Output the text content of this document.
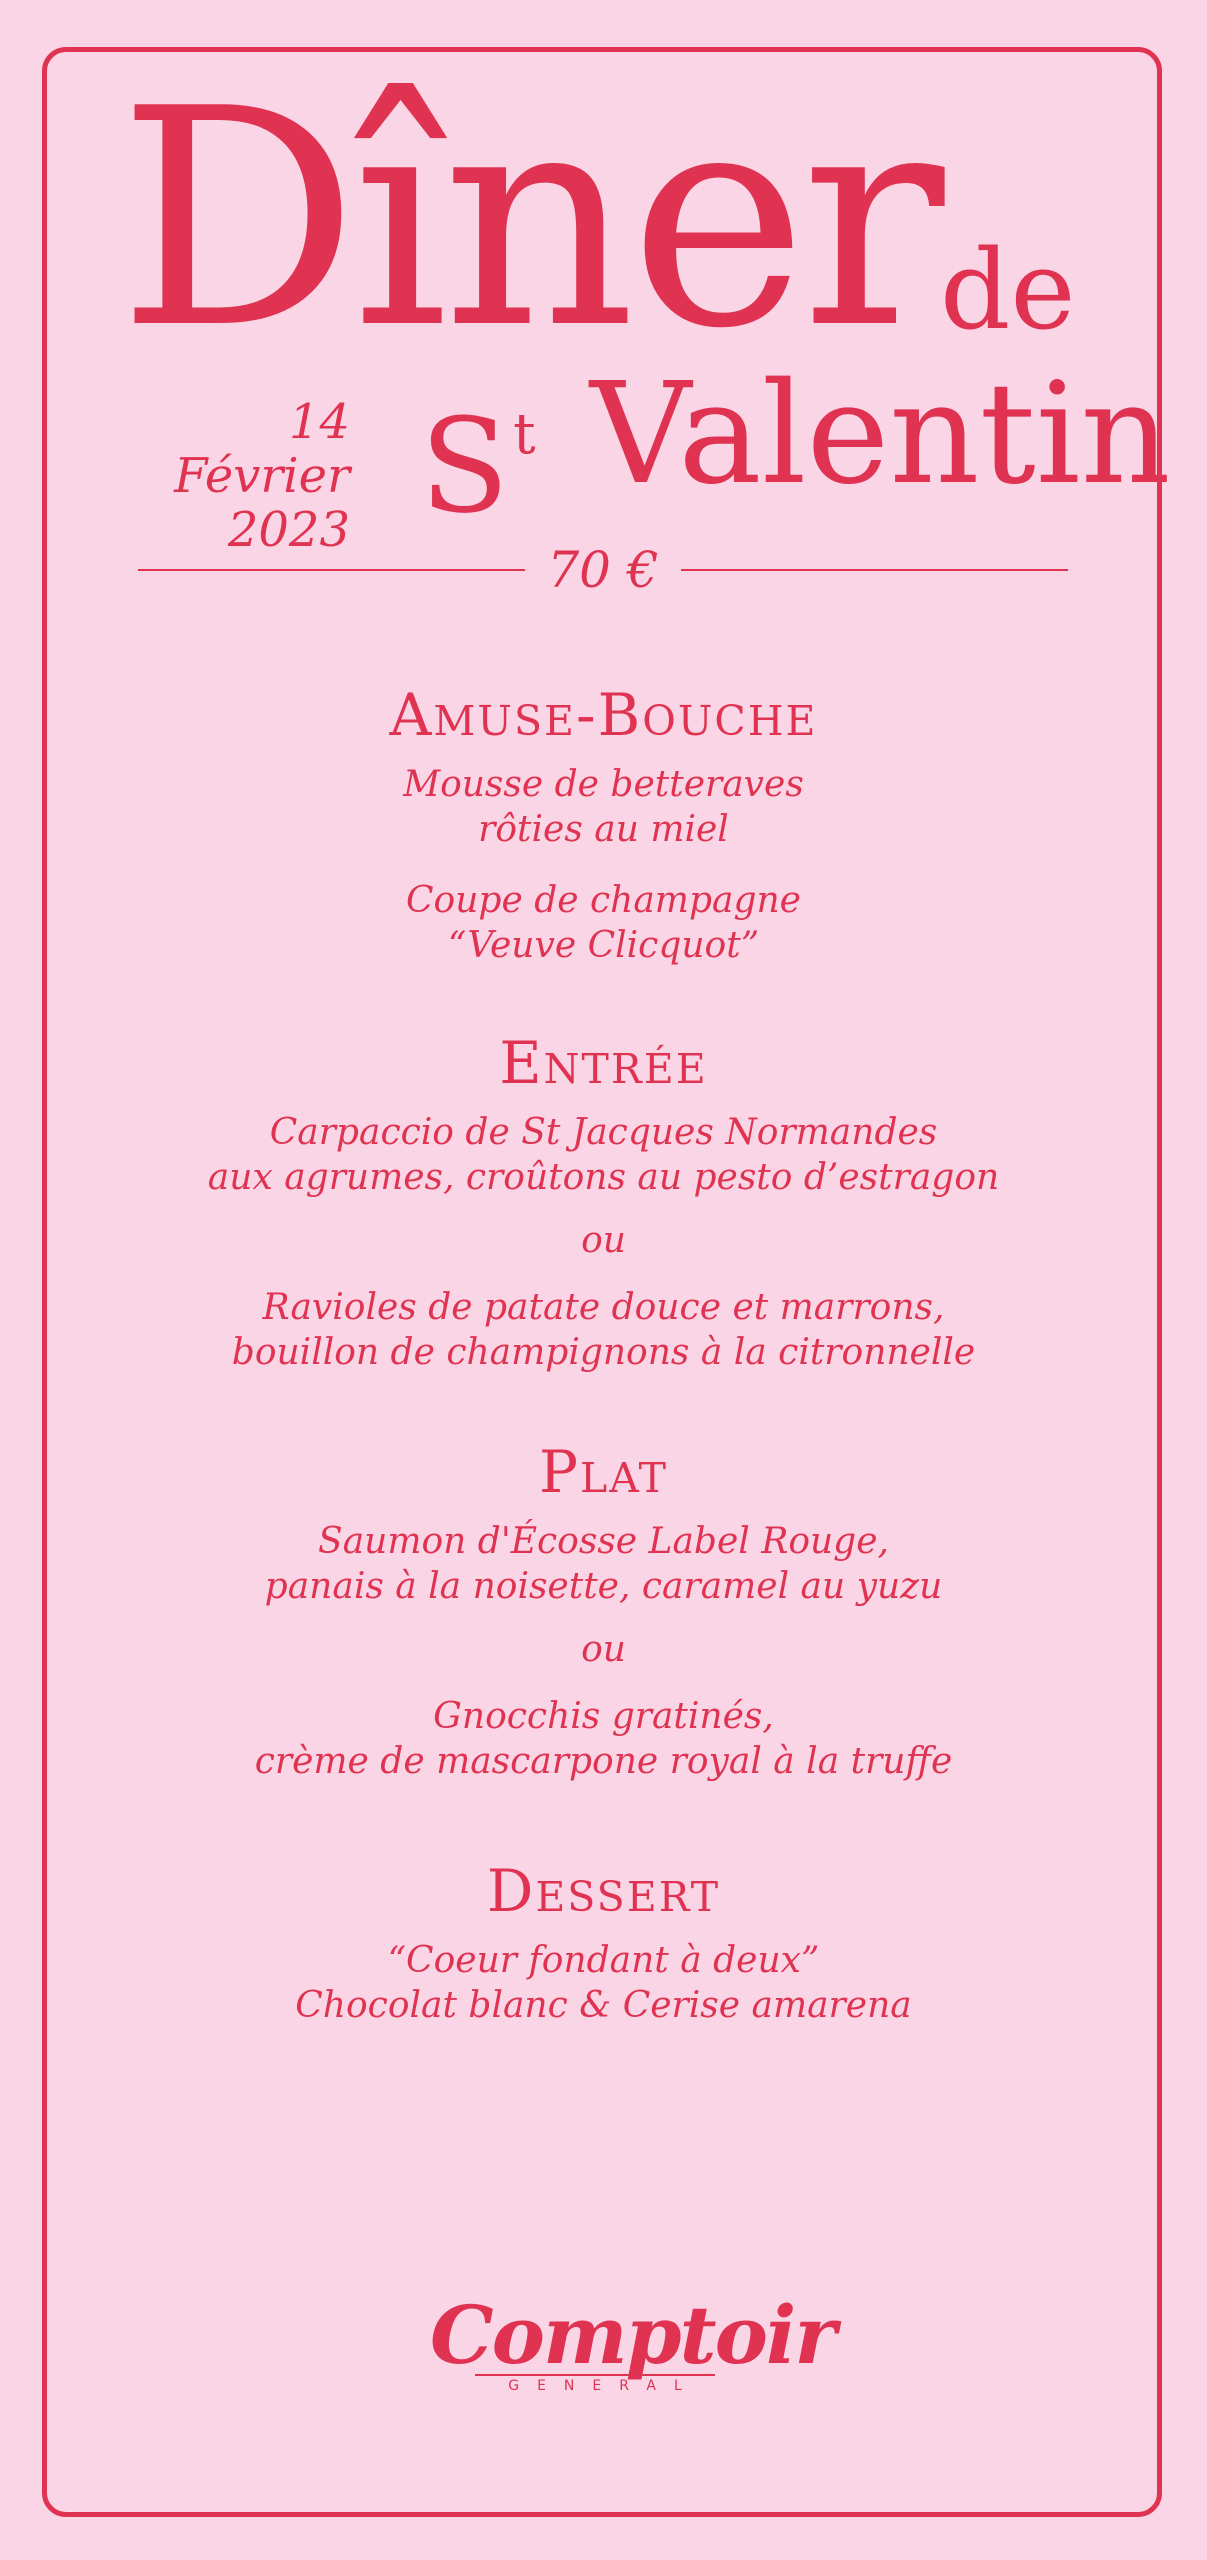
Dîner de
$S^t$ Valentin
14 Février
2023
70 €
Amuse-Bouche
Mousse de betteraves
rôties au miel
Coupe de champagne
“Veuve Clicquot”
Entrée
Carpaccio de St Jacques Normandes
aux agrumes, croûtons au pesto d’estragon
ou
Ravioles de patate douce et marrons,
bouillon de champignons à la citronnelle
Plat
Saumon d'Écosse Label Rouge,
panais à la noisette, caramel au yuzu
ou
Gnocchis gratinés,
crème de mascarpone royal à la truffe
Dessert
“Coeur fondant à deux”
Chocolat blanc & Cerise amarena
Comptoir
GENERAL
